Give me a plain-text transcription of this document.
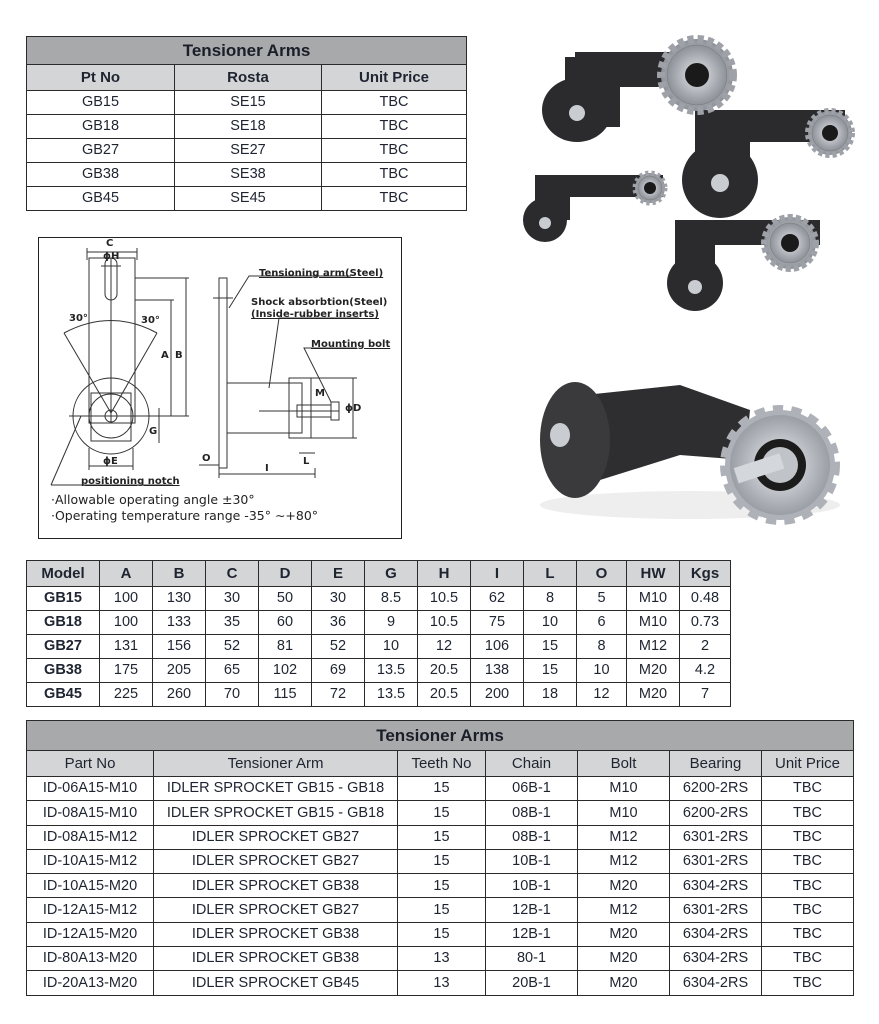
Tensioner Arms		
Pt No	Rosta	Unit Price
GB15	SE15	TBC
GB18	SE18	TBC
GB27	SE27	TBC
GB38	SE38	TBC
GB45	SE45	TBC
C
ϕH
A B
30°	30°
G
ϕE
ϕD
M
O	L
I
Tensioning arm(Steel)
Shock absorbtion(Steel)
(Inside-rubber inserts)
Mounting bolt
positioning notch
·Allowable operating angle ±30°
·Operating temperature range -35° ∼+80°
Model	A	B	C	D	E	G	H	I	L	O	HW	Kgs
GB15	100	130	30	50	30	8.5	10.5	62	8	5	M10	0.48
GB18	100	133	35	60	36	9	10.5	75	10	6	M10	0.73
GB27	131	156	52	81	52	10	12	106	15	8	M12	2
GB38	175	205	65	102	69	13.5	20.5	138	15	10	M20	4.2
GB45	225	260	70	115	72	13.5	20.5	200	18	12	M20	7
Tensioner Arms						
Part No	Tensioner Arm	Teeth No	Chain	Bolt	Bearing	Unit Price
ID-06A15-M10	IDLER SPROCKET GB15 - GB18	15	06B-1	M10	6200-2RS	TBC
ID-08A15-M10	IDLER SPROCKET GB15 - GB18	15	08B-1	M10	6200-2RS	TBC
ID-08A15-M12	IDLER SPROCKET GB27	15	08B-1	M12	6301-2RS	TBC
ID-10A15-M12	IDLER SPROCKET GB27	15	10B-1	M12	6301-2RS	TBC
ID-10A15-M20	IDLER SPROCKET GB38	15	10B-1	M20	6304-2RS	TBC
ID-12A15-M12	IDLER SPROCKET GB27	15	12B-1	M12	6301-2RS	TBC
ID-12A15-M20	IDLER SPROCKET GB38	15	12B-1	M20	6304-2RS	TBC
ID-80A13-M20	IDLER SPROCKET GB38	13	80-1	M20	6304-2RS	TBC
ID-20A13-M20	IDLER SPROCKET GB45	13	20B-1	M20	6304-2RS	TBC
